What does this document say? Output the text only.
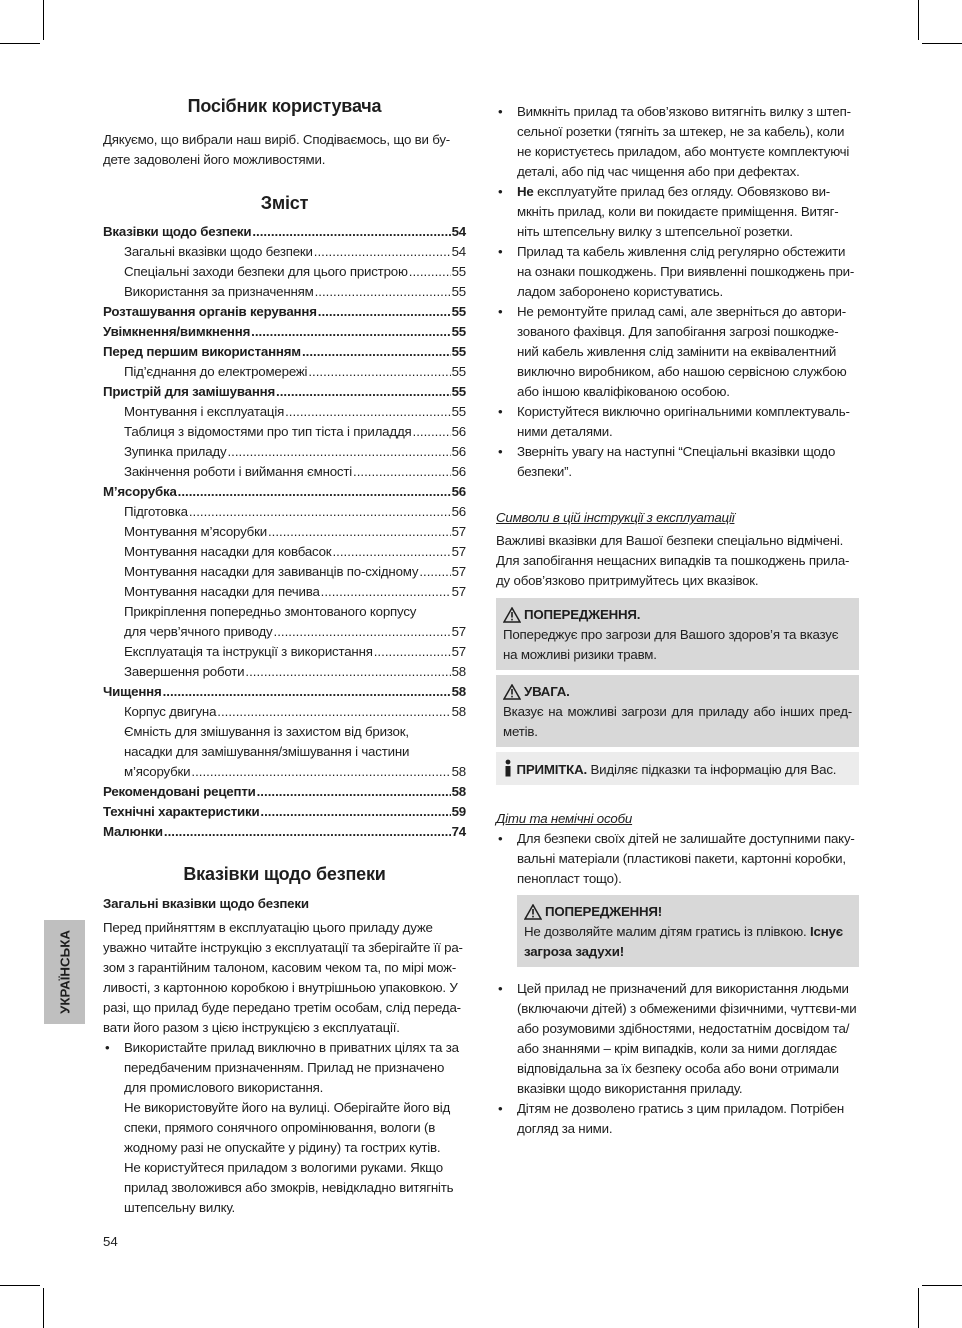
Посібник користувача

Дякуємо, що вибрали наш виріб. Сподіваємось, що ви бу-дете задоволені його можливостями.

Зміст
Вказівки щодо безпеки .....	54
Загальні вказівки щодо безпеки .....	54
Спеціальні заходи безпеки для цього пристрою .....	55
Використання за призначенням .....	55
Розташування органів керування .....	55
Увімкнення/вимкнення .....	55
Перед першим використанням .....	55
Під’єднання до електромережі .....	55
Пристрій для замішування .....	55
Монтування і експлуатація .....	55
Таблиця з відомостями про тип тіста і приладдя .....	56
Зупинка приладу .....	56
Закінчення роботи і виймання ємності .....	56
М’ясорубка .....	56
Підготовка .....	56
Монтування м’ясорубки .....	57
Монтування насадки для ковбасок .....	57
Монтування насадки для завиванців по-східному .....	57
Монтування насадки для печива .....	57
Прикріплення попередньо змонтованого корпусу
для черв’ячного приводу .....	57
Експлуатація та інструкції з використання .....	57
Завершення роботи .....	58
Чищення .....	58
Корпус двигуна .....	58
Ємність для змішування із захистом від бризок,
насадки для замішування/змішування і частини
м’ясорубки .....	58
Рекомендовані рецепти .....	58
Технічні характеристики .....	59
Малюнки .....	74
Вказівки щодо безпеки

Загальні вказівки щодо безпеки

Перед прийняттям в експлуатацію цього приладу дуже уважно читайте інструкцію з експлуатації та зберігайте її ра-зом з гарантійним талоном, касовим чеком та, по мірі мож-ливості, з картонною коробкою і внутрішньою упаковкою. У разі, що прилад буде передано третім особам, слід переда-вати його разом з цією інструкцією з експлуатації.

• Використайте прилад виключно в приватних цілях та за передбаченим призначенням. Прилад не призначено для промислового використання.
Не використовуйте його на вулиці. Оберігайте його від спеки, прямого сонячного опромінювання, вологи (в жодному разі не опускайте у рідину) та гострих кутів.
Не користуйтеся приладом з вологими руками. Якщо прилад зволожився або змокрів, невідкладно витягніть штепсельну вилку.
• Вимкніть прилад та обов’язково витягніть вилку з штеп-сельної розетки (тягніть за штекер, не за кабель), коли не користуєтесь приладом, або монтуєте комплектуючі деталі, або під час чищення або при дефектах.
• Не експлуатуйте прилад без огляду. Обовязково ви-мкніть прилад, коли ви покидаєте приміщення. Витяг-ніть штепсельну вилку з штепсельної розетки.
• Прилад та кабель живлення слід регулярно обстежити на ознаки пошкоджень. При виявленні пошкоджень при-ладом заборонено користуватись.
• Не ремонтуйте прилад самі, але зверніться до автори-зованого фахівця. Для запобігання загрозі пошкодже-ний кабель живлення слід замінити на еквівалентний виключно виробником, або нашою сервісною службою або іншою кваліфікованою особою.
• Користуйтеся виключно оригінальними комплектуваль-ними деталями.
• Зверніть увагу на наступні “Спеціальні вказівки щодо безпеки”.

Символи в цій інструкції з експлуатації

Важливі вказівки для Вашої безпеки спеціально відмічені. Для запобігання нещасних випадків та пошкоджень прила-ду обов’язково притримуйтесь цих вказівок.

ПОПЕРЕДЖЕННЯ.
Попереджує про загрози для Вашого здоров’я та вказує на можливі ризики травм.
УВАГА.
Вказує на можливі загрози для приладу або інших пред-метів.
ПРИМІТКА. Виділяє підказки та інформацію для Вас.

Діти та немічні особи

• Для безпеки своїх дітей не залишайте доступними паку-вальні матеріали (пластикові пакети, картонні коробки, пенопласт тощо).
ПОПЕРЕДЖЕННЯ!
Не дозволяйте малим дітям гратись із плівкою. Існує загроза задухи!
• Цей прилад не призначений для використання людьми (включаючи дітей) з обмеженими фізичними, чуттєви-ми або розумовими здібностями, недостатнім досвідом та/або знаннями – крім випадків, коли за ними доглядає відповідальна за їх безпеку особа або вони отримали вказівки щодо використання приладу.
• Дітям не дозволено гратись з цим приладом. Потрібен догляд за ними.
УКРАЇНСЬКА
54
